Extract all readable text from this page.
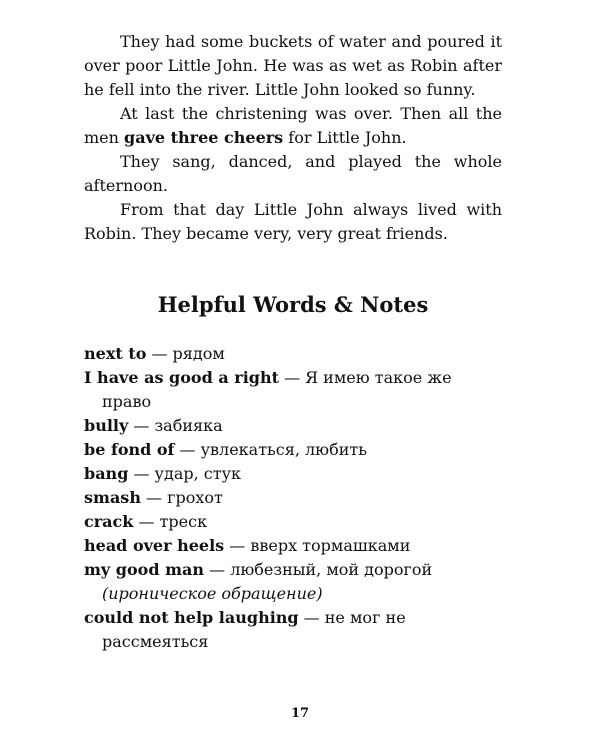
They had some buckets of water and poured it over poor Little John. He was as wet as Robin after he fell into the river. Little John looked so funny.

At last the christening was over. Then all the men gave three cheers for Little John.

They sang, danced, and played the whole afternoon.

From that day Little John always lived with Robin. They became very, very great friends.

Helpful Words & Notes
next to — рядом
I have as good a right — Я имею такое же право
bully — забияка
be fond of — увлекаться, любить
bang — удар, стук
smash — грохот
crack — треск
head over heels — вверх тормашками
my good man — любезный, мой дорогой (ироническое обращение)
could not help laughing — не мог не рассмеяться
17
